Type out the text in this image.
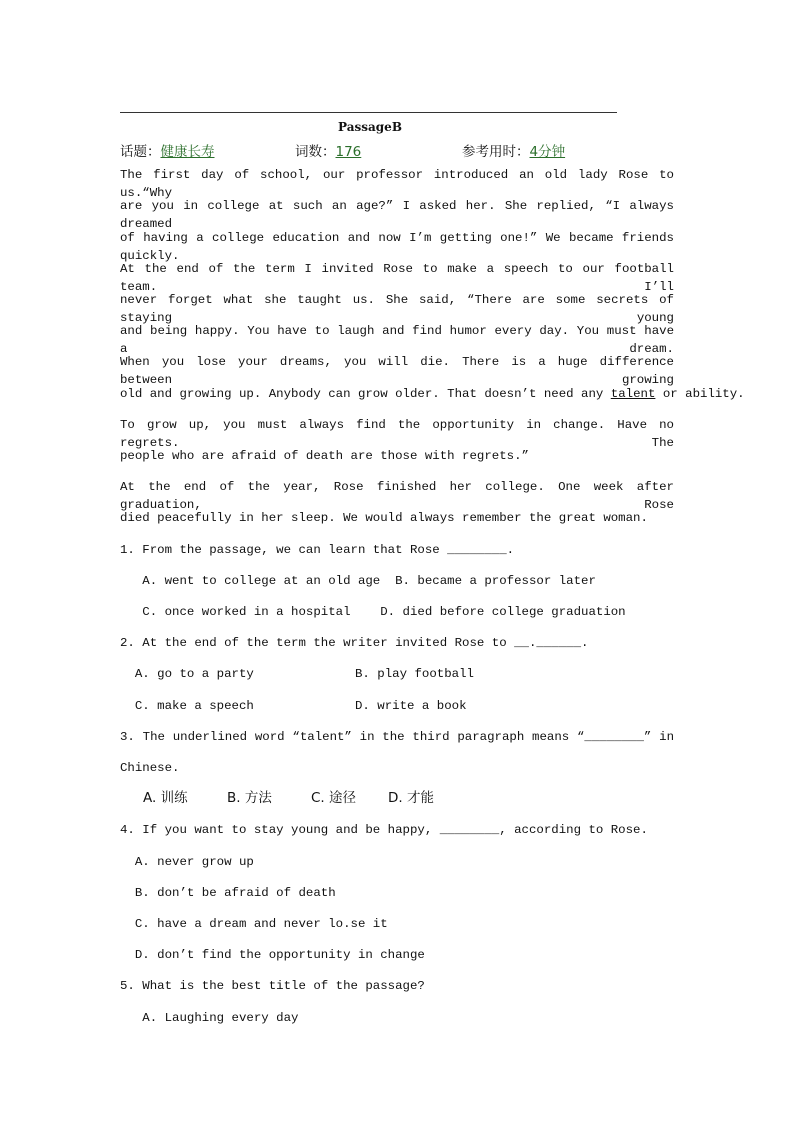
PassageB
话题：健康长寿	词数：176	参考用时：4分钟
The first day of school, our professor introduced an old lady Rose to us.“Why
are you in college at such an age?” I asked her. She replied, “I always dreamed
of having a college education and now I’m getting one!” We became friends quickly.
At the end of the term I invited Rose to make a speech to our football team. I’ll
never forget what she taught us. She said, “There are some secrets of staying young
and being happy. You have to laugh and find humor every day. You must have a dream.
When you lose your dreams, you will die. There is a huge difference between growing
old and growing up. Anybody can grow older. That doesn’t need any talent or ability.
To grow up, you must always find the opportunity in change. Have no regrets. The
people who are afraid of death are those with regrets.”
At the end of the year, Rose finished her college. One week after graduation, Rose
died peacefully in her sleep. We would always remember the great woman.
1. From the passage, we can learn that Rose ________.
A. went to college at an old age  B. became a professor later
C. once worked in a hospital    D. died before college graduation
2. At the end of the term the writer invited Rose to __.______.
A. go to a party	B. play football
C. make a speech	D. write a book
3. The underlined word “talent” in the third paragraph means “________” in
Chinese.
A. 训练	B. 方法	C. 途径 D. 才能
4. If you want to stay young and be happy, ________, according to Rose.
A. never grow up
B. don’t be afraid of death
C. have a dream and never lo.se it
D. don’t find the opportunity in change
5. What is the best title of the passage?
A. Laughing every day
